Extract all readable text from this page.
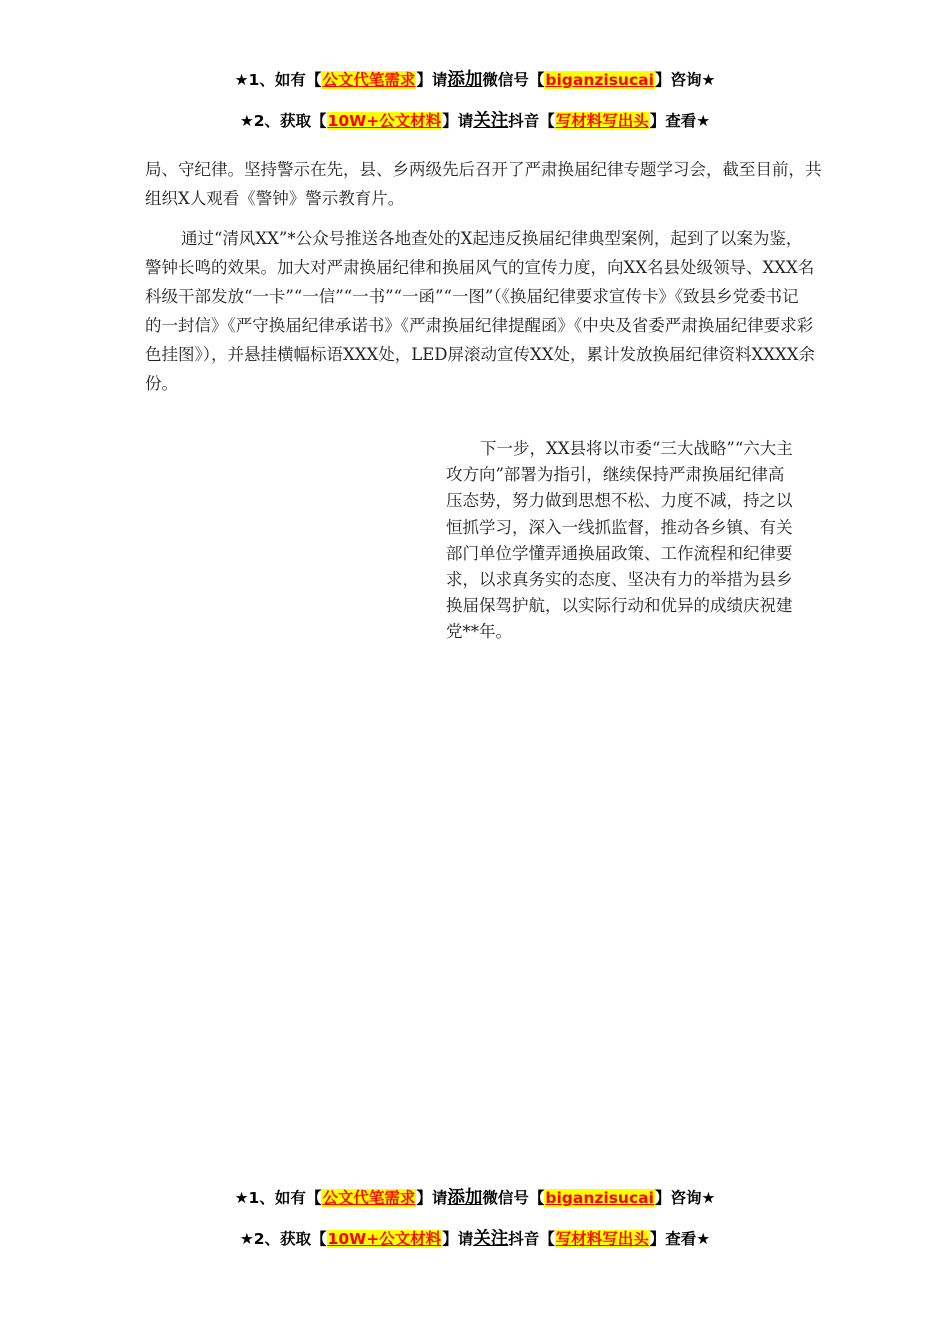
★1、如有【公文代笔需求】请添加微信号【biganzisucai】咨询★
★2、获取【10W+公文材料】请关注抖音【写材料写出头】查看★

局、守纪律。坚持警示在先，县、乡两级先后召开了严肃换届纪律专题学习会，截至目前，共组织X人观看《警钟》警示教育片。

通过“清风XX”*公众号推送各地查处的X起违反换届纪律典型案例，起到了以案为鉴，警钟长鸣的效果。加大对严肃换届纪律和换届风气的宣传力度，向XX名县处级领导、XXX名科级干部发放“一卡”“一信”“一书”“一函”“一图”（《换届纪律要求宣传卡》《致县乡党委书记的一封信》《严守换届纪律承诺书》《严肃换届纪律提醒函》《中央及省委严肃换届纪律要求彩色挂图》），并悬挂横幅标语XXX处，LED屏滚动宣传XX处，累计发放换届纪律资料XXXX余份。

下一步，XX县将以市委“三大战略”“六大主攻方向”部署为指引，继续保持严肃换届纪律高压态势，努力做到思想不松、力度不减，持之以恒抓学习，深入一线抓监督，推动各乡镇、有关部门单位学懂弄通换届政策、工作流程和纪律要求，以求真务实的态度、坚决有力的举措为县乡换届保驾护航，以实际行动和优异的成绩庆祝建党**年。

★1、如有【公文代笔需求】请添加微信号【biganzisucai】咨询★
★2、获取【10W+公文材料】请关注抖音【写材料写出头】查看★
